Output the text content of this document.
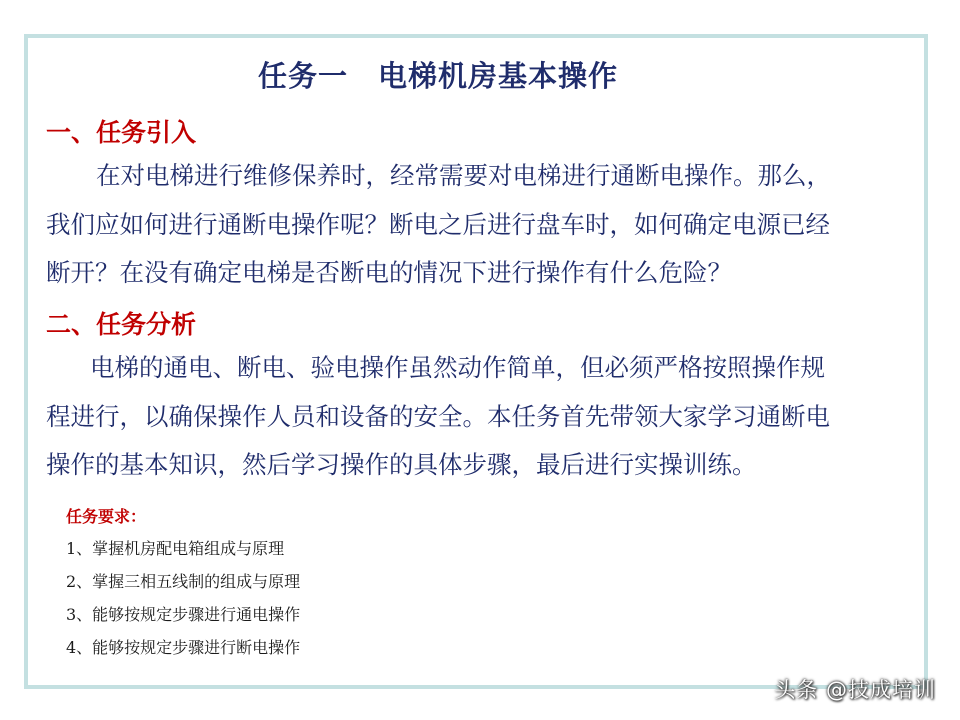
任务一　电梯机房基本操作
一、任务引入
在对电梯进行维修保养时，经常需要对电梯进行通断电操作。那么，
我们应如何进行通断电操作呢？断电之后进行盘车时，如何确定电源已经
断开？在没有确定电梯是否断电的情况下进行操作有什么危险？
二、任务分析
电梯的通电、断电、验电操作虽然动作简单，但必须严格按照操作规
程进行，以确保操作人员和设备的安全。本任务首先带领大家学习通断电
操作的基本知识，然后学习操作的具体步骤，最后进行实操训练。
任务要求：
1、掌握机房配电箱组成与原理
2、掌握三相五线制的组成与原理
3、能够按规定步骤进行通电操作
4、能够按规定步骤进行断电操作
头条 @技成培训
